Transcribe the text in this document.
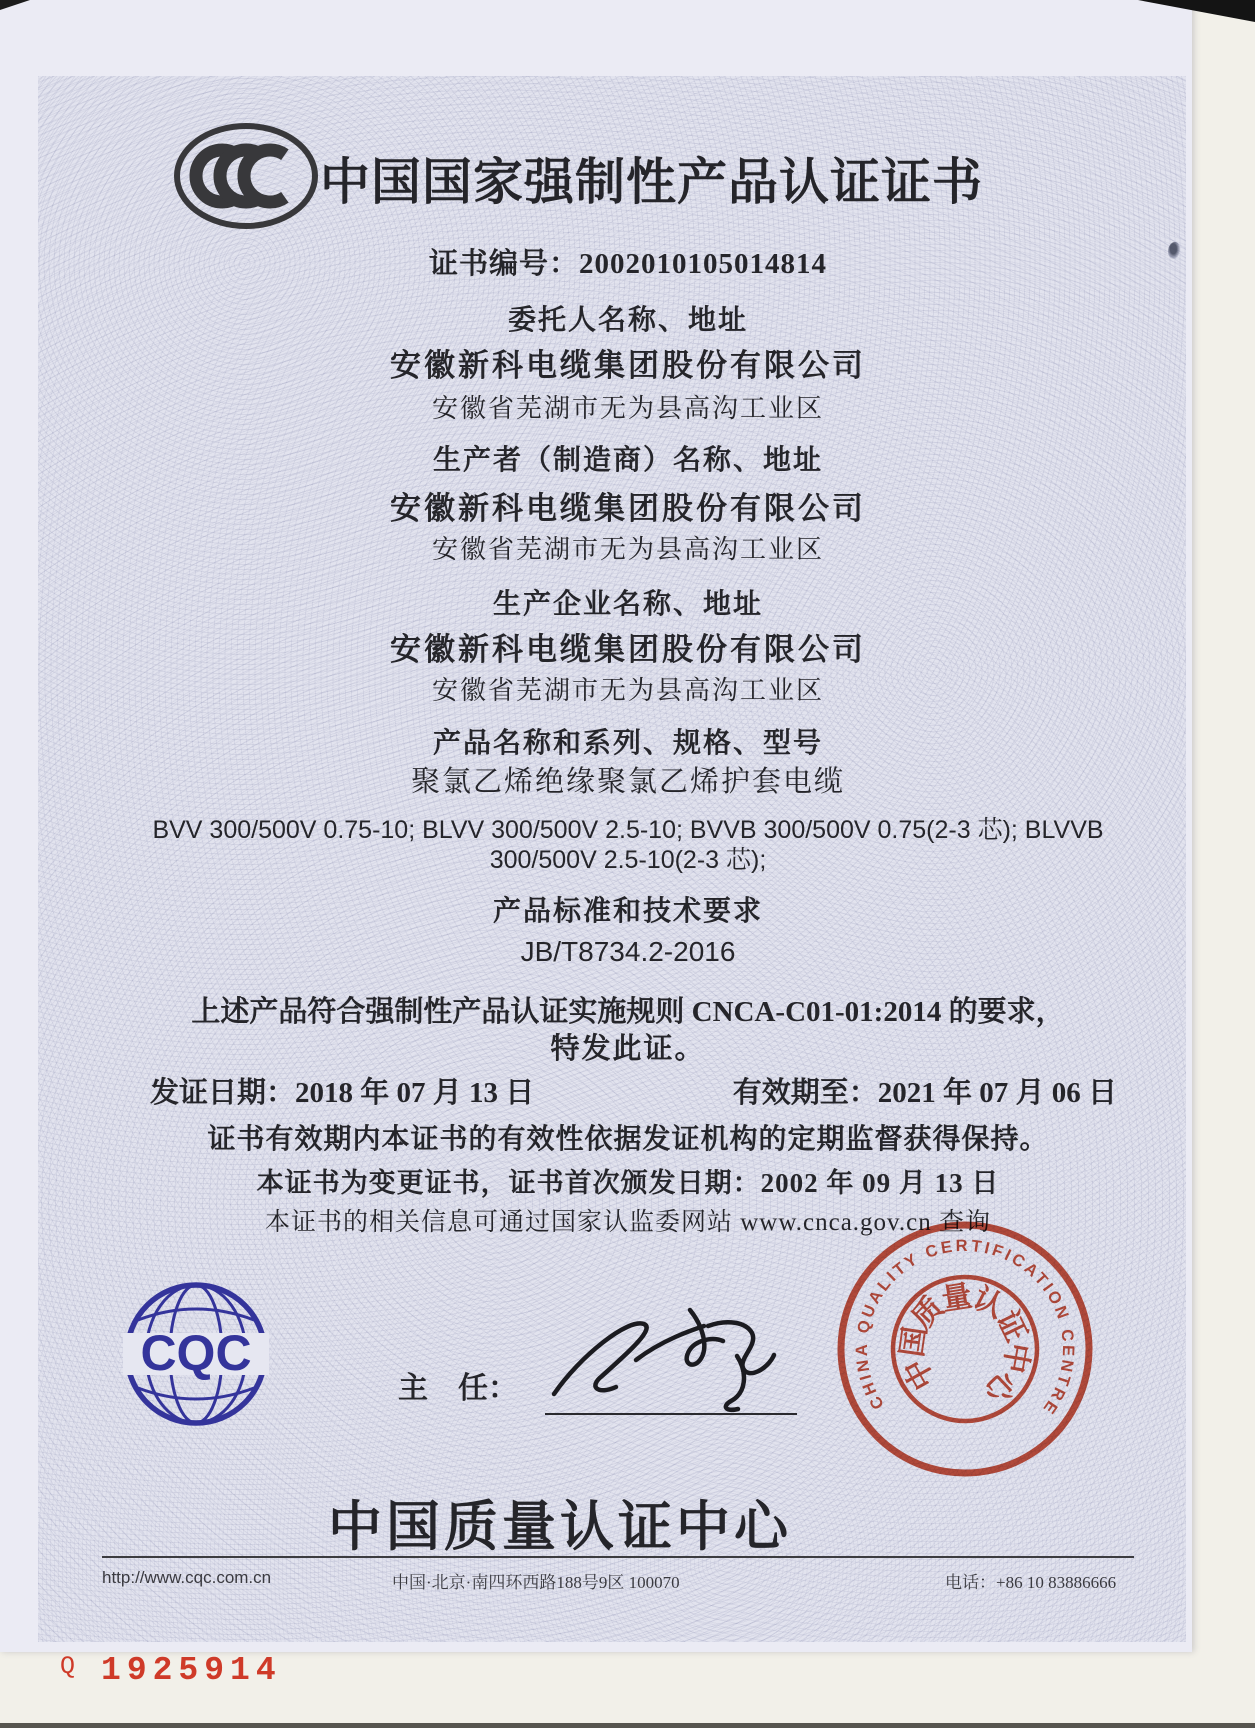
中国国家强制性产品认证证书
证书编号：2002010105014814
委托人名称、地址
安徽新科电缆集团股份有限公司
安徽省芜湖市无为县高沟工业区
生产者（制造商）名称、地址
安徽新科电缆集团股份有限公司
安徽省芜湖市无为县高沟工业区
生产企业名称、地址
安徽新科电缆集团股份有限公司
安徽省芜湖市无为县高沟工业区
产品名称和系列、规格、型号
聚氯乙烯绝缘聚氯乙烯护套电缆
BVV 300/500V 0.75-10; BLVV 300/500V 2.5-10; BVVB 300/500V 0.75(2-3 芯); BLVVB
300/500V 2.5-10(2-3 芯);
产品标准和技术要求
JB/T8734.2-2016
上述产品符合强制性产品认证实施规则 CNCA-C01-01:2014 的要求，
特发此证。
发证日期：2018 年 07 月 13 日	有效期至：2021 年 07 月 06 日
证书有效期内本证书的有效性依据发证机构的定期监督获得保持。
本证书为变更证书，证书首次颁发日期：2002 年 09 月 13 日
本证书的相关信息可通过国家认监委网站 www.cnca.gov.cn 查询
CQC
主　任：	CHINA QUALITY CERTIFICATION CENTRE
中
国
质
量
认
证
中
心
中国质量认证中心
http://www.cqc.com.cn	中国·北京·南四环西路188号9区 100070	电话：+86 10 83886666
Q 1925914
